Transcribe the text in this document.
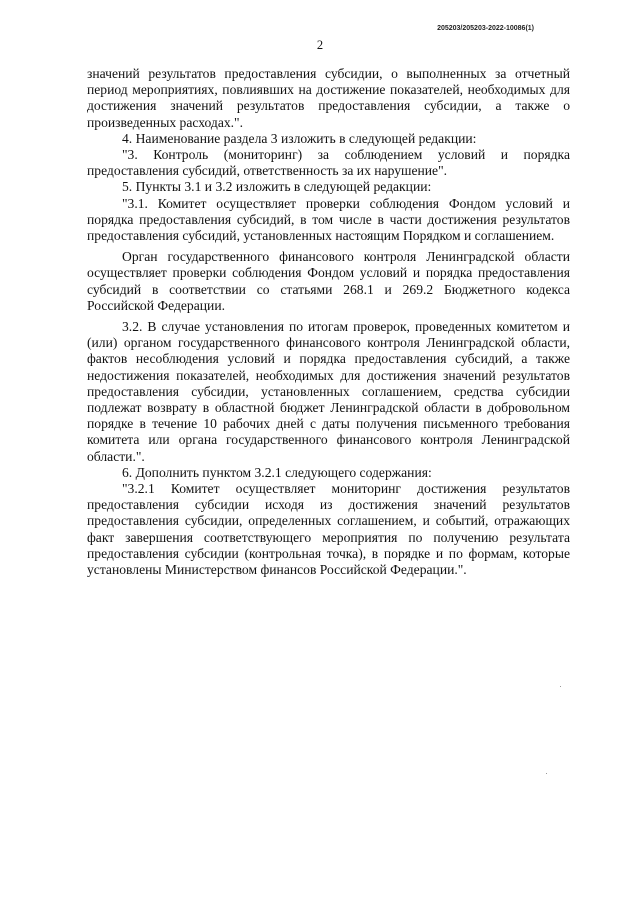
205203/205203-2022-10086(1)
2

значений результатов предоставления субсидии, о выполненных за отчетный период мероприятиях, повлиявших на достижение показателей, необходимых для достижения значений результатов предоставления субсидии, а также о произведенных расходах.".

4. Наименование раздела 3 изложить в следующей редакции:

"3. Контроль (мониторинг) за соблюдением условий и порядка предоставления субсидий, ответственность за их нарушение".

5. Пункты 3.1 и 3.2 изложить в следующей редакции:

"3.1. Комитет осуществляет проверки соблюдения Фондом условий и порядка предоставления субсидий, в том числе в части достижения результатов предоставления субсидий, установленных настоящим Порядком и соглашением.

Орган государственного финансового контроля Ленинградской области осуществляет проверки соблюдения Фондом условий и порядка предоставления субсидий в соответствии со статьями 268.1 и 269.2 Бюджетного кодекса Российской Федерации.

3.2. В случае установления по итогам проверок, проведенных комитетом и (или) органом государственного финансового контроля Ленинградской области, фактов несоблюдения условий и порядка предоставления субсидий, а также недостижения показателей, необходимых для достижения значений результатов предоставления субсидии, установленных соглашением, средства субсидии подлежат возврату в областной бюджет Ленинградской области в добровольном порядке в течение 10 рабочих дней с даты получения письменного требования комитета или органа государственного финансового контроля Ленинградской области.".

6. Дополнить пунктом 3.2.1 следующего содержания:

"3.2.1 Комитет осуществляет мониторинг достижения результатов предоставления субсидии исходя из достижения значений результатов предоставления субсидии, определенных соглашением, и событий, отражающих факт завершения соответствующего мероприятия по получению результата предоставления субсидии (контрольная точка), в порядке и по формам, которые установлены Министерством финансов Российской Федерации.".
